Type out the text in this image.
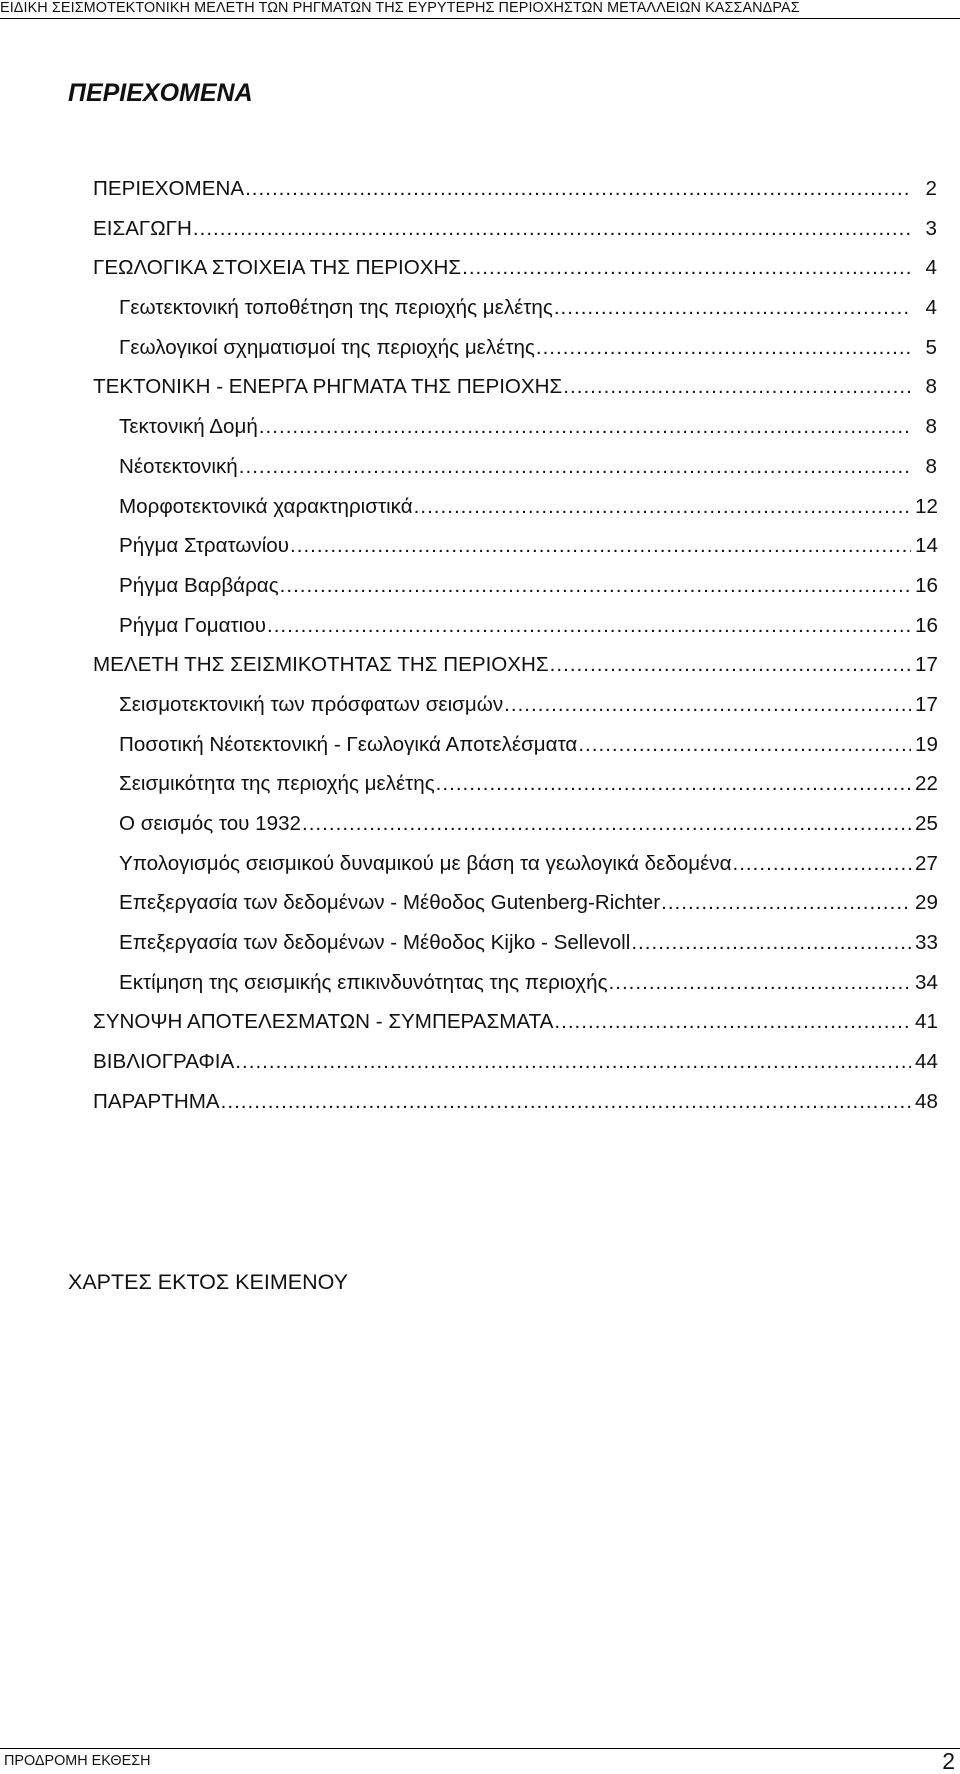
ΕΙΔΙΚΗ ΣΕΙΣΜΟΤΕΚΤΟΝΙΚΗ ΜΕΛΕΤΗ ΤΩΝ ΡΗΓΜΑΤΩΝ ΤΗΣ ΕΥΡΥΤΕΡΗΣ ΠΕΡΙΟΧΗΣΤΩΝ ΜΕΤΑΛΛΕΙΩΝ ΚΑΣΣΑΝΔΡΑΣ
ΠΕΡΙΕΧΟΜΕΝΑ
ΠΕΡΙΕΧΟΜΕΝΑ .....	2
ΕΙΣΑΓΩΓΗ .....	3
ΓΕΩΛΟΓΙΚΑ ΣΤΟΙΧΕΙΑ ΤΗΣ ΠΕΡΙΟΧΗΣ .....	4
Γεωτεκτονική τοποθέτηση της περιοχής μελέτης .....	4
Γεωλογικοί σχηματισμοί της περιοχής μελέτης .....	5
ΤΕΚΤΟΝΙΚΗ - ΕΝΕΡΓΑ ΡΗΓΜΑΤΑ ΤΗΣ ΠΕΡΙΟΧΗΣ .....	8
Τεκτονική Δομή .....	8
Νέοτεκτονική .....	8
Μορφοτεκτονικά χαρακτηριστικά .....	12
Ρήγμα Στρατωνίου .....	14
Ρήγμα Βαρβάρας .....	16
Ρήγμα Γοματιου .....	16
ΜΕΛΕΤΗ ΤΗΣ ΣΕΙΣΜΙΚΟΤΗΤΑΣ ΤΗΣ ΠΕΡΙΟΧΗΣ .....	17
Σεισμοτεκτονική των πρόσφατων σεισμών .....	17
Ποσοτική Νέοτεκτονική - Γεωλογικά Αποτελέσματα .....	19
Σεισμικότητα της περιοχής μελέτης .....	22
Ο σεισμός του 1932 .....	25
Υπολογισμός σεισμικού δυναμικού με βάση τα γεωλογικά δεδομένα .....	27
Επεξεργασία των δεδομένων - Μέθοδος Gutenberg-Richter .....	29
Επεξεργασία των δεδομένων - Μέθοδος Kijko - Sellevoll .....	33
Εκτίμηση της σεισμικής επικινδυνότητας της περιοχής .....	34
ΣΥΝΟΨΗ ΑΠΟΤΕΛΕΣΜΑΤΩΝ - ΣΥΜΠΕΡΑΣΜΑΤΑ .....	41
ΒΙΒΛΙΟΓΡΑΦΙΑ .....	44
ΠΑΡΑΡΤΗΜΑ .....	48
ΧΑΡΤΕΣ ΕΚΤΟΣ ΚΕΙΜΕΝΟΥ
ΠΡΟΔΡΟΜΗ ΕΚΘΕΣΗ	2
